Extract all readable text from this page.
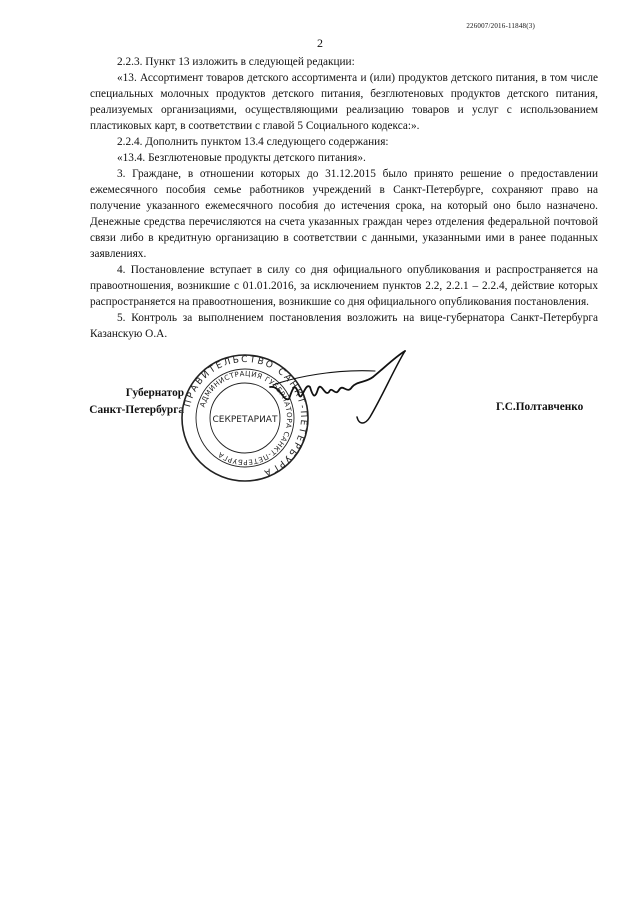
226007/2016-11848(3)
2

2.2.3. Пункт 13 изложить в следующей редакции:

«13. Ассортимент товаров детского ассортимента и (или) продуктов детского питания, в том числе специальных молочных продуктов детского питания, безглютеновых продуктов детского питания, реализуемых организациями, осуществляющими реализацию товаров и услуг с использованием пластиковых карт, в соответствии с главой 5 Социального кодекса:».

2.2.4. Дополнить пунктом 13.4 следующего содержания:

«13.4. Безглютеновые продукты детского питания».

3. Граждане, в отношении которых до 31.12.2015 было принято решение о предоставлении ежемесячного пособия семье работников учреждений в Санкт-Петербурге, сохраняют право на получение указанного ежемесячного пособия до истечения срока, на который оно было назначено. Денежные средства перечисляются на счета указанных граждан через отделения федеральной почтовой связи либо в кредитную организацию в соответствии с данными, указанными ими в ранее поданных заявлениях.

4. Постановление вступает в силу со дня официального опубликования и распространяется на правоотношения, возникшие с 01.01.2016, за исключением пунктов 2.2, 2.2.1 – 2.2.4, действие которых распространяется на правоотношения, возникшие со дня официального опубликования постановления.

5. Контроль за выполнением постановления возложить на вице-губернатора Санкт-Петербурга Казанскую О.А.

Губернатор
Санкт-Петербурга
ПРАВИТЕЛЬСТВО САНКТ-ПЕТЕРБУРГА
АДМИНИСТРАЦИЯ ГУБЕРНАТОРА САНКТ-ПЕТЕРБУРГА
СЕКРЕТАРИАТ
Г.С.Полтавченко
